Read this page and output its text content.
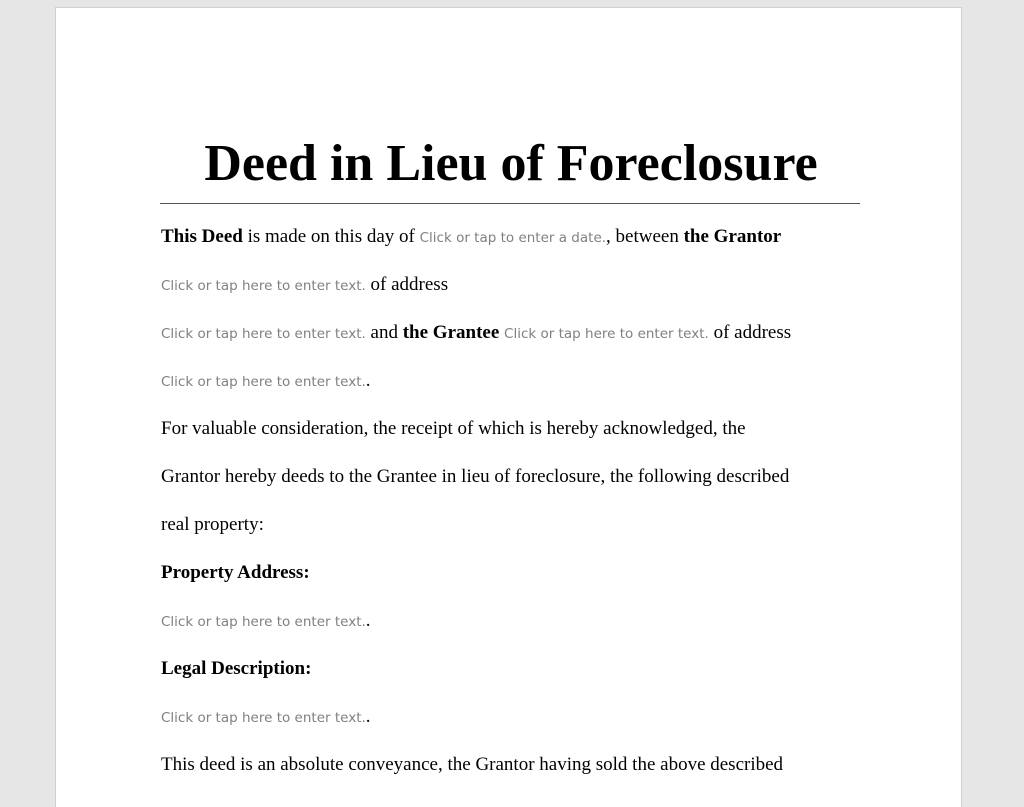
Deed in Lieu of Foreclosure
This Deed is made on this day of Click or tap to enter a date., between the Grantor
Click or tap here to enter text. of address
Click or tap here to enter text. and the Grantee Click or tap here to enter text. of address
Click or tap here to enter text..
For valuable consideration, the receipt of which is hereby acknowledged, the
Grantor hereby deeds to the Grantee in lieu of foreclosure, the following described
real property:
Property Address:
Click or tap here to enter text..
Legal Description:
Click or tap here to enter text..
This deed is an absolute conveyance, the Grantor having sold the above described
